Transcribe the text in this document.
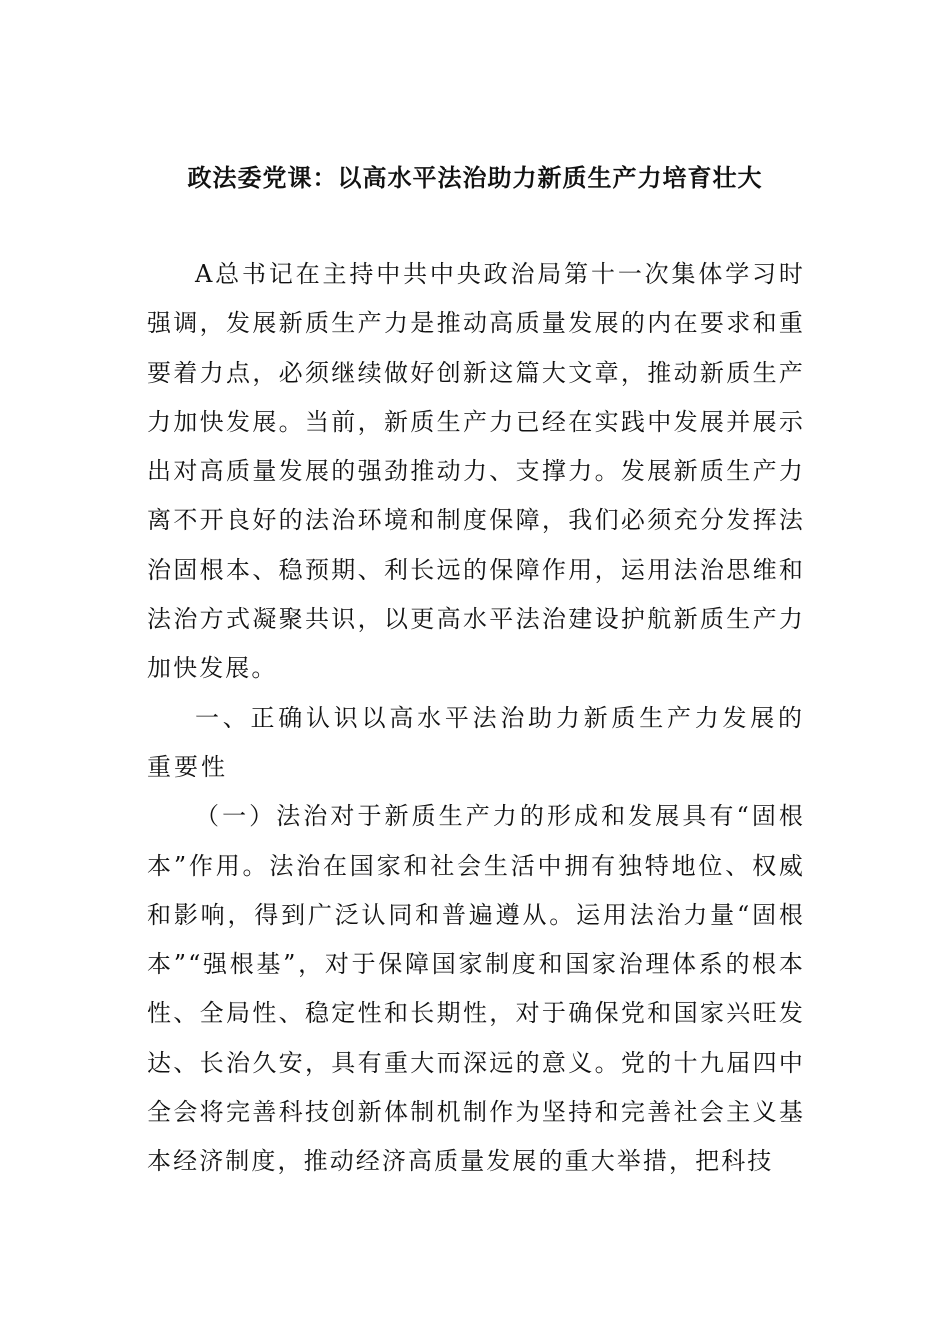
政法委党课：以高水平法治助力新质生产力培育壮大

A总书记在主持中共中央政治局第十一次集体学习时强调，发展新质生产力是推动高质量发展的内在要求和重要着力点，必须继续做好创新这篇大文章，推动新质生产力加快发展。当前，新质生产力已经在实践中发展并展示出对高质量发展的强劲推动力、支撑力。发展新质生产力离不开良好的法治环境和制度保障，我们必须充分发挥法治固根本、稳预期、利长远的保障作用，运用法治思维和法治方式凝聚共识，以更高水平法治建设护航新质生产力加快发展。

一、正确认识以高水平法治助力新质生产力发展的重要性

（一）法治对于新质生产力的形成和发展具有“固根本”作用。法治在国家和社会生活中拥有独特地位、权威和影响，得到广泛认同和普遍遵从。运用法治力量“固根本”“强根基”，对于保障国家制度和国家治理体系的根本性、全局性、稳定性和长期性，对于确保党和国家兴旺发达、长治久安，具有重大而深远的意义。党的十九届四中全会将完善科技创新体制机制作为坚持和完善社会主义基本经济制度，推动经济高质量发展的重大举措，把科技
